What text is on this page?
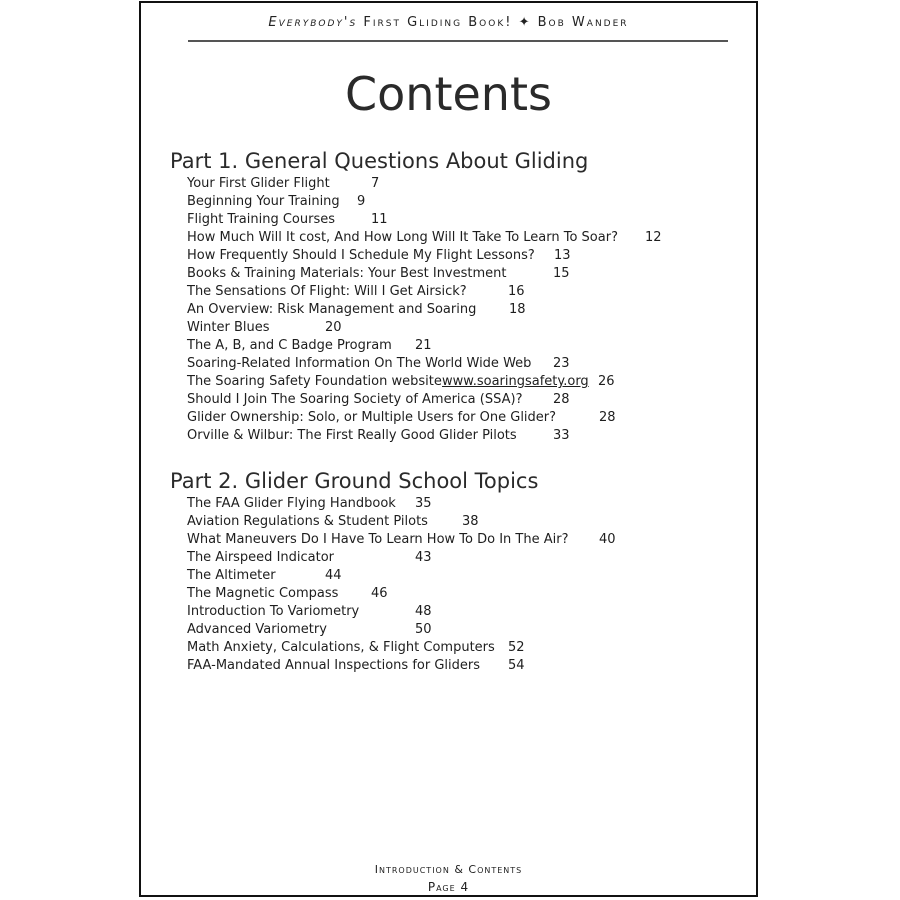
Everybody's First Gliding Book! ✦ Bob Wander
Contents
Part 1. General Questions About Gliding
Your First Glider Flight	7
Beginning Your Training 9
Flight Training Courses	11
How Much Will It cost, And How Long Will It Take To Learn To Soar? 12
How Frequently Should I Schedule My Flight Lessons? 13
Books & Training Materials: Your Best Investment	15
The Sensations Of Flight: Will I Get Airsick?	16
An Overview: Risk Management and Soaring	18
Winter Blues	20
The A, B, and C Badge Program 21
Soaring-Related Information On The World Wide Web 23
The Soaring Safety Foundation website www.soaringsafety.org 26
Should I Join The Soaring Society of America (SSA)? 28
Glider Ownership: Solo, or Multiple Users for One Glider?	28
Orville & Wilbur: The First Really Good Glider Pilots	33
Part 2. Glider Ground School Topics
The FAA Glider Flying Handbook 35
Aviation Regulations & Student Pilots	38
What Maneuvers Do I Have To Learn How To Do In The Air? 40
The Airspeed Indicator	43
The Altimeter	44
The Magnetic Compass	46
Introduction To Variometry	48
Advanced Variometry	50
Math Anxiety, Calculations, & Flight Computers 52
FAA-Mandated Annual Inspections for Gliders 54
Introduction & Contents
Page 4
